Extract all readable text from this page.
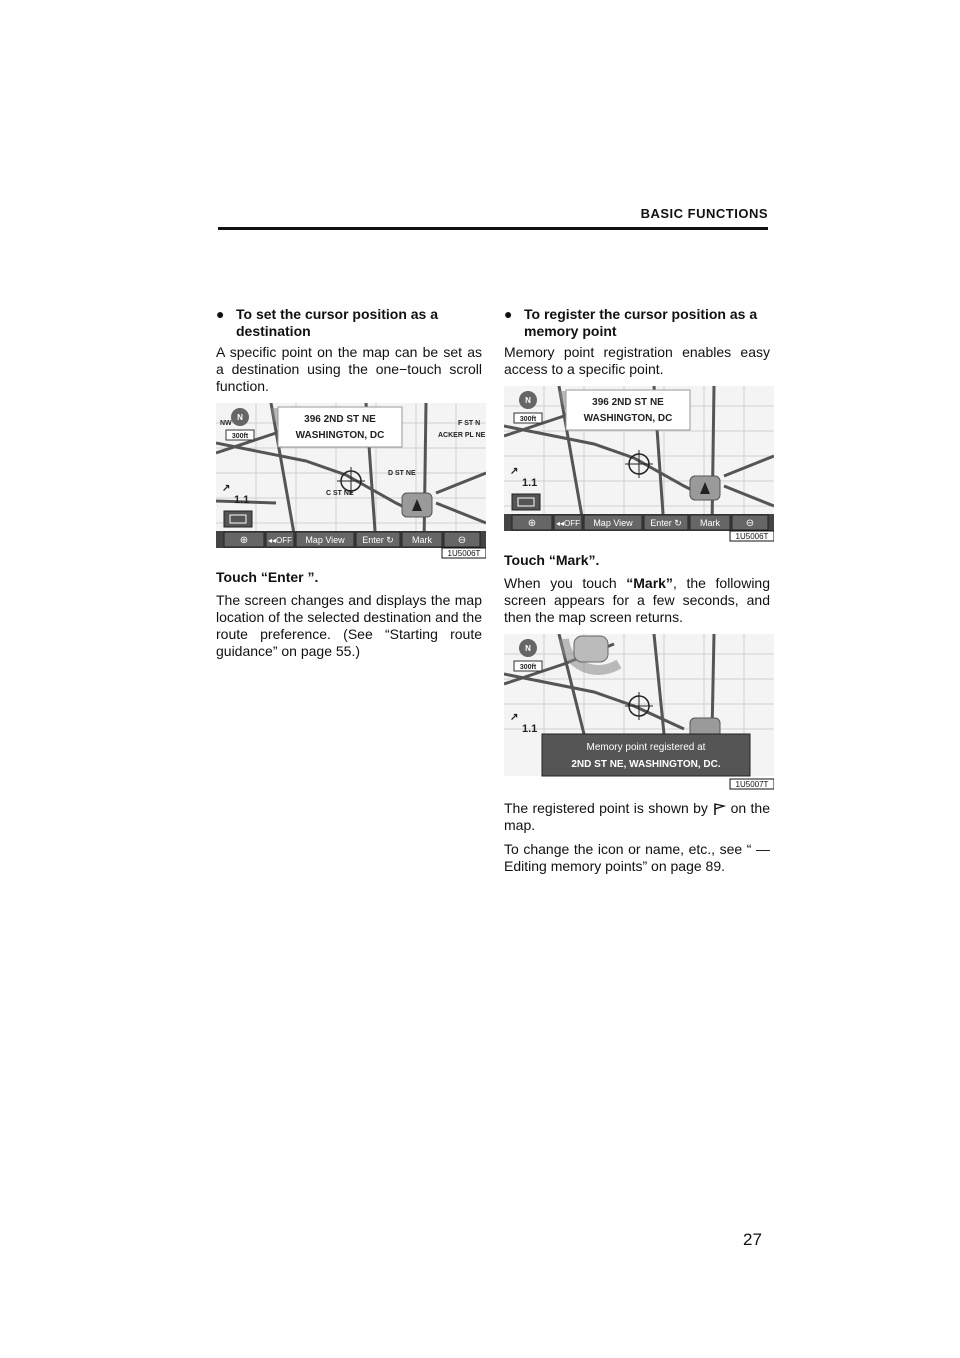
BASIC FUNCTIONS
● To set the cursor position as a destination

A specific point on the map can be set as a destination using the one−touch scroll function.

396 2ND ST NE
WASHINGTON, DC
N
300ft
F ST N
ACKER PL NE
D ST NE
C ST NE
NW
↗
1.1
⊕ ◂◂OFF Map View Enter ↻ Mark	⊖
1U5006T
Touch “Enter ”.

The screen changes and displays the map location of the selected destination and the route preference. (See “Starting route guidance” on page 55.)

● To register the cursor position as a memory point

Memory point registration enables easy access to a specific point.

396 2ND ST NE
WASHINGTON, DC
N
300ft
↗
1.1
⊕ ◂◂OFF Map View Enter ↻ Mark	⊖
1U5006T
Touch “Mark”.

When you touch “Mark”, the following screen appears for a few seconds, and then the map screen returns.

N
300ft
↗
1.1
Memory point registered at
2ND ST NE, WASHINGTON, DC.
1U5007T

The registered point is shown by  on the map.

To change the icon or name, etc., see “ — Editing memory points” on page 89.

27
